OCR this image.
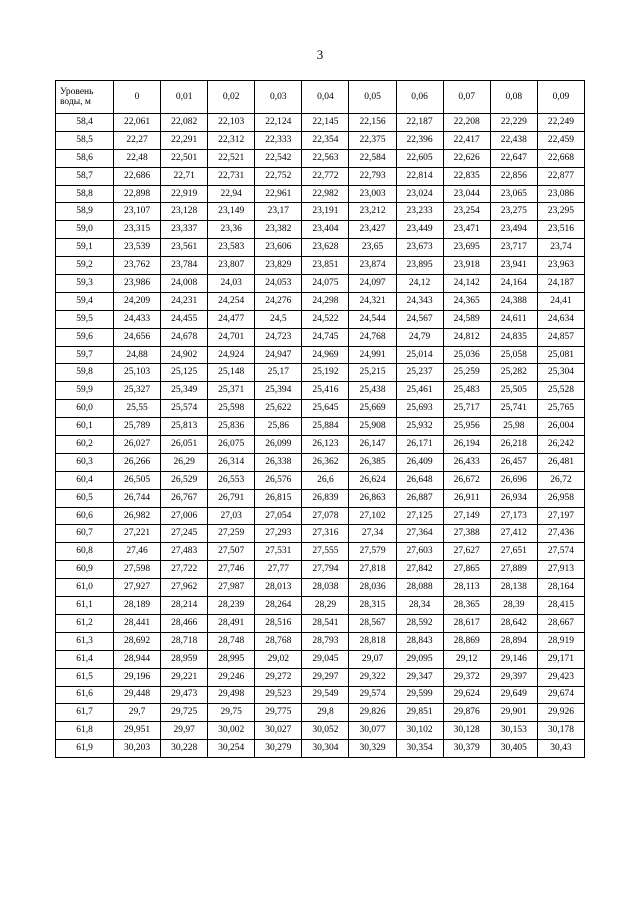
3
Уровень воды, м	0	0,01	0,02	0,03	0,04	0,05	0,06	0,07	0,08	0,09
58,4	22,061	22,082	22,103	22,124	22,145	22,156	22,187	22,208	22,229	22,249
58,5	22,27	22,291	22,312	22,333	22,354	22,375	22,396	22,417	22,438	22,459
58,6	22,48	22,501	22,521	22,542	22,563	22,584	22,605	22,626	22,647	22,668
58,7	22,686	22,71	22,731	22,752	22,772	22,793	22,814	22,835	22,856	22,877
58,8	22,898	22,919	22,94	22,961	22,982	23,003	23,024	23,044	23,065	23,086
58,9	23,107	23,128	23,149	23,17	23,191	23,212	23,233	23,254	23,275	23,295
59,0	23,315	23,337	23,36	23,382	23,404	23,427	23,449	23,471	23,494	23,516
59,1	23,539	23,561	23,583	23,606	23,628	23,65	23,673	23,695	23,717	23,74
59,2	23,762	23,784	23,807	23,829	23,851	23,874	23,895	23,918	23,941	23,963
59,3	23,986	24,008	24,03	24,053	24,075	24,097	24,12	24,142	24,164	24,187
59,4	24,209	24,231	24,254	24,276	24,298	24,321	24,343	24,365	24,388	24,41
59,5	24,433	24,455	24,477	24,5	24,522	24,544	24,567	24,589	24,611	24,634
59,6	24,656	24,678	24,701	24,723	24,745	24,768	24,79	24,812	24,835	24,857
59,7	24,88	24,902	24,924	24,947	24,969	24,991	25,014	25,036	25,058	25,081
59,8	25,103	25,125	25,148	25,17	25,192	25,215	25,237	25,259	25,282	25,304
59,9	25,327	25,349	25,371	25,394	25,416	25,438	25,461	25,483	25,505	25,528
60,0	25,55	25,574	25,598	25,622	25,645	25,669	25,693	25,717	25,741	25,765
60,1	25,789	25,813	25,836	25,86	25,884	25,908	25,932	25,956	25,98	26,004
60,2	26,027	26,051	26,075	26,099	26,123	26,147	26,171	26,194	26,218	26,242
60,3	26,266	26,29	26,314	26,338	26,362	26,385	26,409	26,433	26,457	26,481
60,4	26,505	26,529	26,553	26,576	26,6	26,624	26,648	26,672	26,696	26,72
60,5	26,744	26,767	26,791	26,815	26,839	26,863	26,887	26,911	26,934	26,958
60,6	26,982	27,006	27,03	27,054	27,078	27,102	27,125	27,149	27,173	27,197
60,7	27,221	27,245	27,259	27,293	27,316	27,34	27,364	27,388	27,412	27,436
60,8	27,46	27,483	27,507	27,531	27,555	27,579	27,603	27,627	27,651	27,574
60,9	27,598	27,722	27,746	27,77	27,794	27,818	27,842	27,865	27,889	27,913
61,0	27,927	27,962	27,987	28,013	28,038	28,036	28,088	28,113	28,138	28,164
61,1	28,189	28,214	28,239	28,264	28,29	28,315	28,34	28,365	28,39	28,415
61,2	28,441	28,466	28,491	28,516	28,541	28,567	28,592	28,617	28,642	28,667
61,3	28,692	28,718	28,748	28,768	28,793	28,818	28,843	28,869	28,894	28,919
61,4	28,944	28,959	28,995	29,02	29,045	29,07	29,095	29,12	29,146	29,171
61,5	29,196	29,221	29,246	29,272	29,297	29,322	29,347	29,372	29,397	29,423
61,6	29,448	29,473	29,498	29,523	29,549	29,574	29,599	29,624	29,649	29,674
61,7	29,7	29,725	29,75	29,775	29,8	29,826	29,851	29,876	29,901	29,926
61,8	29,951	29,97	30,002	30,027	30,052	30,077	30,102	30,128	30,153	30,178
61,9	30,203	30,228	30,254	30,279	30,304	30,329	30,354	30,379	30,405	30,43
